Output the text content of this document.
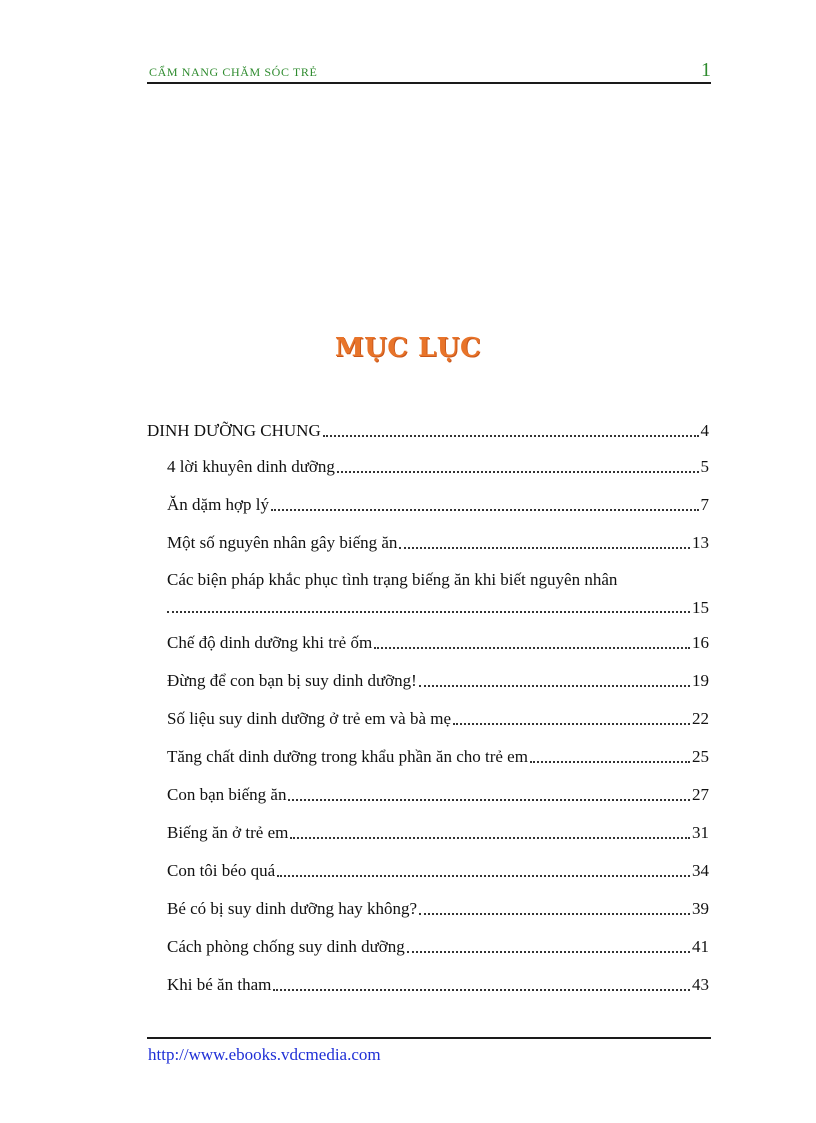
CẨM NANG CHĂM SÓC TRẺ	1
MỤC LỤC
DINH DƯỠNG CHUNG	4
4 lời khuyên dinh dưỡng	5
Ăn dặm hợp lý	7
Một số nguyên nhân gây biếng ăn	13
Các biện pháp khắc phục tình trạng biếng ăn khi biết nguyên nhân
15
Chế độ dinh dưỡng khi trẻ ốm	16
Đừng để con bạn bị suy dinh dưỡng!	19
Số liệu suy dinh dưỡng ở trẻ em và bà mẹ	22
Tăng chất dinh dưỡng trong khẩu phần ăn cho trẻ em	25
Con bạn biếng ăn	27
Biếng ăn ở trẻ em	31
Con tôi béo quá	34
Bé có bị suy dinh dưỡng hay không?	39
Cách phòng chống suy dinh dưỡng	41
Khi bé ăn tham	43
http://www.ebooks.vdcmedia.com
